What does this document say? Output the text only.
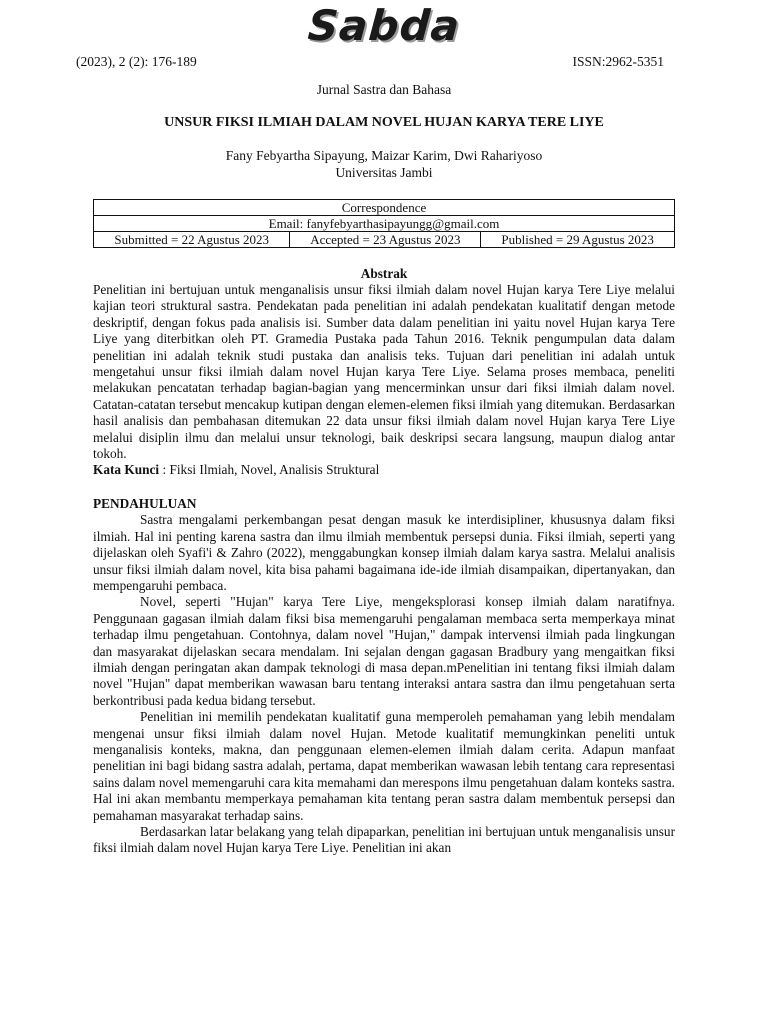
(2023), 2 (2): 176-189
Sabda
ISSN:2962-5351
Jurnal Sastra dan Bahasa
UNSUR FIKSI ILMIAH DALAM NOVEL HUJAN KARYA TERE LIYE
Fany Febyartha Sipayung, Maizar Karim, Dwi Rahariyoso
Universitas Jambi
Correspondence
Email: fanyfebyarthasipayungg@gmail.com
Submitted = 22 Agustus 2023	Accepted = 23 Agustus 2023	Published = 29 Agustus 2023
Abstrak

Penelitian ini bertujuan untuk menganalisis unsur fiksi ilmiah dalam novel Hujan karya Tere Liye melalui kajian teori struktural sastra. Pendekatan pada penelitian ini adalah pendekatan kualitatif dengan metode deskriptif, dengan fokus pada analisis isi. Sumber data dalam penelitian ini yaitu novel Hujan karya Tere Liye yang diterbitkan oleh PT. Gramedia Pustaka pada Tahun 2016. Teknik pengumpulan data dalam penelitian ini adalah teknik studi pustaka dan analisis teks. Tujuan dari penelitian ini adalah untuk mengetahui unsur fiksi ilmiah dalam novel Hujan karya Tere Liye. Selama proses membaca, peneliti melakukan pencatatan terhadap bagian-bagian yang mencerminkan unsur dari fiksi ilmiah dalam novel. Catatan-catatan tersebut mencakup kutipan dengan elemen-elemen fiksi ilmiah yang ditemukan. Berdasarkan hasil analisis dan pembahasan ditemukan 22 data unsur fiksi ilmiah dalam novel Hujan karya Tere Liye melalui disiplin ilmu dan melalui unsur teknologi, baik deskripsi secara langsung, maupun dialog antar tokoh.

Kata Kunci : Fiksi Ilmiah, Novel, Analisis Struktural

PENDAHULUAN

Sastra mengalami perkembangan pesat dengan masuk ke interdisipliner, khususnya dalam fiksi ilmiah. Hal ini penting karena sastra dan ilmu ilmiah membentuk persepsi dunia. Fiksi ilmiah, seperti yang dijelaskan oleh Syafi'i & Zahro (2022), menggabungkan konsep ilmiah dalam karya sastra. Melalui analisis unsur fiksi ilmiah dalam novel, kita bisa pahami bagaimana ide-ide ilmiah disampaikan, dipertanyakan, dan mempengaruhi pembaca.

Novel, seperti "Hujan" karya Tere Liye, mengeksplorasi konsep ilmiah dalam naratifnya. Penggunaan gagasan ilmiah dalam fiksi bisa memengaruhi pengalaman membaca serta memperkaya minat terhadap ilmu pengetahuan. Contohnya, dalam novel "Hujan," dampak intervensi ilmiah pada lingkungan dan masyarakat dijelaskan secara mendalam. Ini sejalan dengan gagasan Bradbury yang mengaitkan fiksi ilmiah dengan peringatan akan dampak teknologi di masa depan.mPenelitian ini tentang fiksi ilmiah dalam novel "Hujan" dapat memberikan wawasan baru tentang interaksi antara sastra dan ilmu pengetahuan serta berkontribusi pada kedua bidang tersebut.

Penelitian ini memilih pendekatan kualitatif guna memperoleh pemahaman yang lebih mendalam mengenai unsur fiksi ilmiah dalam novel Hujan. Metode kualitatif memungkinkan peneliti untuk menganalisis konteks, makna, dan penggunaan elemen-elemen ilmiah dalam cerita. Adapun manfaat penelitian ini bagi bidang sastra adalah, pertama, dapat memberikan wawasan lebih tentang cara representasi sains dalam novel memengaruhi cara kita memahami dan merespons ilmu pengetahuan dalam konteks sastra. Hal ini akan membantu memperkaya pemahaman kita tentang peran sastra dalam membentuk persepsi dan pemahaman masyarakat terhadap sains.

Berdasarkan latar belakang yang telah dipaparkan, penelitian ini bertujuan untuk menganalisis unsur fiksi ilmiah dalam novel Hujan karya Tere Liye. Penelitian ini akan
